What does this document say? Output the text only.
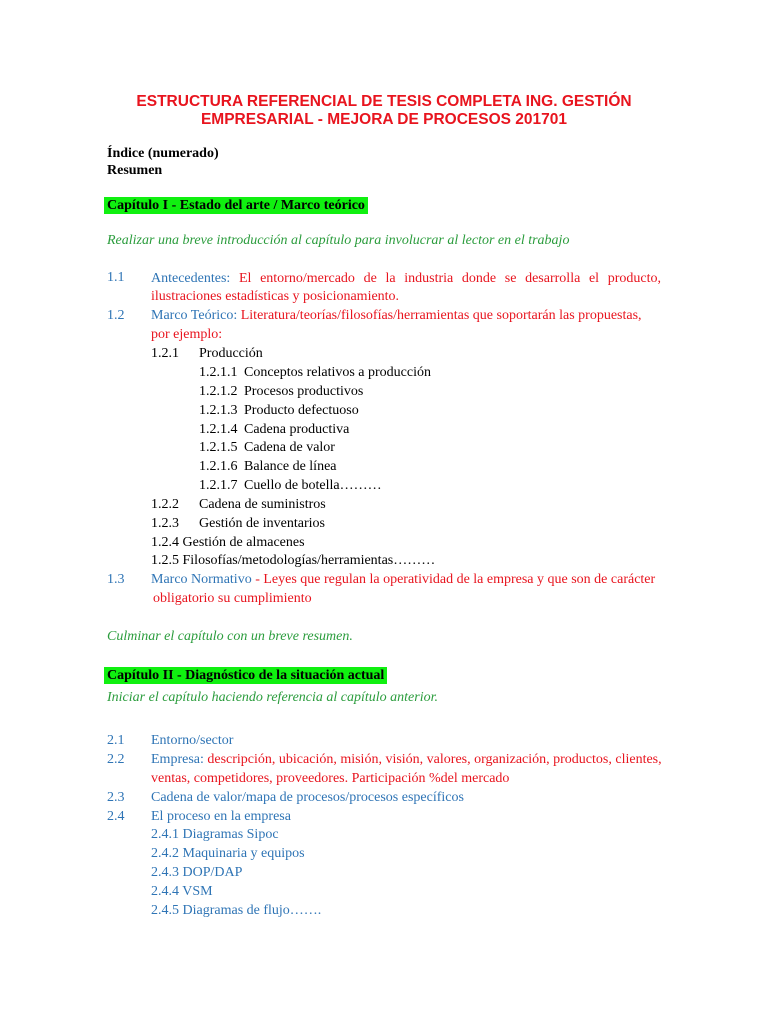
ESTRUCTURA REFERENCIAL DE TESIS COMPLETA ING. GESTIÓN
EMPRESARIAL - MEJORA DE PROCESOS 201701
Índice (numerado)
Resumen
Capítulo I - Estado del arte / Marco teórico
Realizar una breve introducción al capítulo para involucrar al lector en el trabajo
1.1 Antecedentes: El entorno/mercado de la industria donde se desarrolla el producto,
ilustraciones estadísticas y posicionamiento.
1.2 Marco Teórico: Literatura/teorías/filosofías/herramientas que soportarán las propuestas,
por ejemplo:
1.2.1 Producción
1.2.1.1 Conceptos relativos a producción
1.2.1.2 Procesos productivos
1.2.1.3 Producto defectuoso
1.2.1.4 Cadena productiva
1.2.1.5 Cadena de valor
1.2.1.6 Balance de línea
1.2.1.7 Cuello de botella………
1.2.2 Cadena de suministros
1.2.3 Gestión de inventarios
1.2.4 Gestión de almacenes
1.2.5 Filosofías/metodologías/herramientas………
1.3 Marco Normativo - Leyes que regulan la operatividad de la empresa y que son de carácter
obligatorio su cumplimiento
Culminar el capítulo con un breve resumen.
Capítulo II - Diagnóstico de la situación actual
Iniciar el capítulo haciendo referencia al capítulo anterior.
2.1 Entorno/sector
2.2 Empresa: descripción, ubicación, misión, visión, valores, organización, productos, clientes,
ventas, competidores, proveedores. Participación %del mercado
2.3 Cadena de valor/mapa de procesos/procesos específicos
2.4 El proceso en la empresa
2.4.1 Diagramas Sipoc
2.4.2 Maquinaria y equipos
2.4.3 DOP/DAP
2.4.4 VSM
2.4.5 Diagramas de flujo…….
